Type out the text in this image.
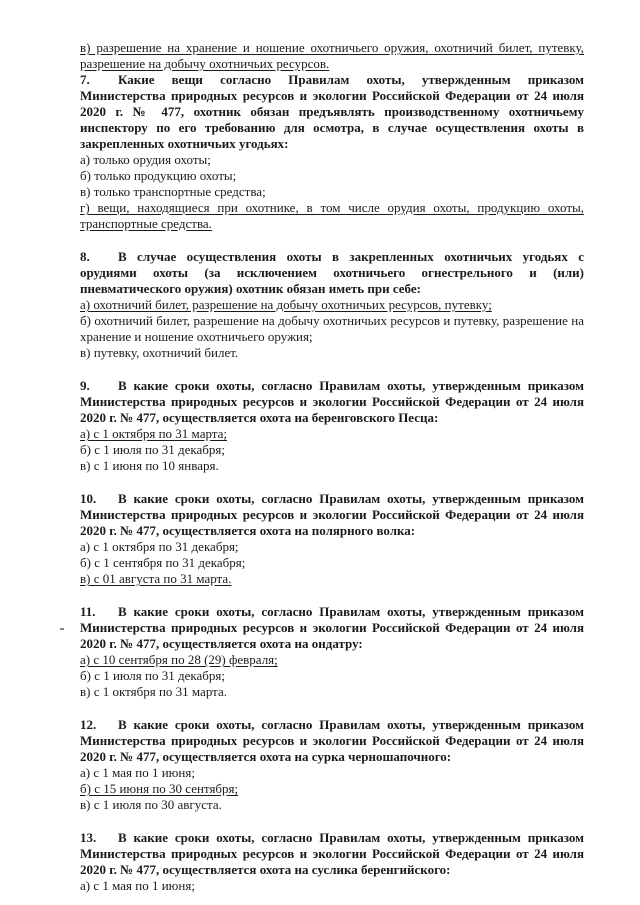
в) разрешение на хранение и ношение охотничьего оружия, охотничий билет, путевку, разрешение на добычу охотничьих ресурсов.

7. Какие вещи согласно Правилам охоты, утвержденным приказом Министерства природных ресурсов и экологии Российской Федерации от 24 июля 2020 г. № 477, охотник обязан предъявлять производственному охотничьему инспектору по его требованию для осмотра, в случае осуществления охоты в закрепленных охотничьих угодьях:

а) только орудия охоты;

б) только продукцию охоты;

в) только транспортные средства;

г) вещи, находящиеся при охотнике, в том числе орудия охоты, продукцию охоты, транспортные средства.

8. В случае осуществления охоты в закрепленных охотничьих угодьях с орудиями охоты (за исключением охотничьего огнестрельного и (или) пневматического оружия) охотник обязан иметь при себе:

а) охотничий билет, разрешение на добычу охотничьих ресурсов, путевку;

б) охотничий билет, разрешение на добычу охотничьих ресурсов и путевку, разрешение на хранение и ношение охотничьего оружия;

в) путевку, охотничий билет.

9. В какие сроки охоты, согласно Правилам охоты, утвержденным приказом Министерства природных ресурсов и экологии Российской Федерации от 24 июля 2020 г. № 477, осуществляется охота на беренговского Песца:

а) с 1 октября по 31 марта;

б) с 1 июля по 31 декабря;

в) с 1 июня по 10 января.

10. В какие сроки охоты, согласно Правилам охоты, утвержденным приказом Министерства природных ресурсов и экологии Российской Федерации от 24 июля 2020 г. № 477, осуществляется охота на полярного волка:

а) с 1 октября по 31 декабря;

б) с 1 сентября по 31 декабря;

в) с 01 августа по 31 марта.

11. В какие сроки охоты, согласно Правилам охоты, утвержденным приказом Министерства природных ресурсов и экологии Российской Федерации от 24 июля 2020 г. № 477, осуществляется охота на ондатру:

а) с 10 сентября по 28 (29) февраля;

б) с 1 июля по 31 декабря;

в) с 1 октября по 31 марта.

12. В какие сроки охоты, согласно Правилам охоты, утвержденным приказом Министерства природных ресурсов и экологии Российской Федерации от 24 июля 2020 г. № 477, осуществляется охота на сурка черношапочного:

а) с 1 мая по 1 июня;

б) с 15 июня по 30 сентября;

в) с 1 июля по 30 августа.

13. В какие сроки охоты, согласно Правилам охоты, утвержденным приказом Министерства природных ресурсов и экологии Российской Федерации от 24 июля 2020 г. № 477, осуществляется охота на суслика беренгийского:

а) с 1 мая по 1 июня;
